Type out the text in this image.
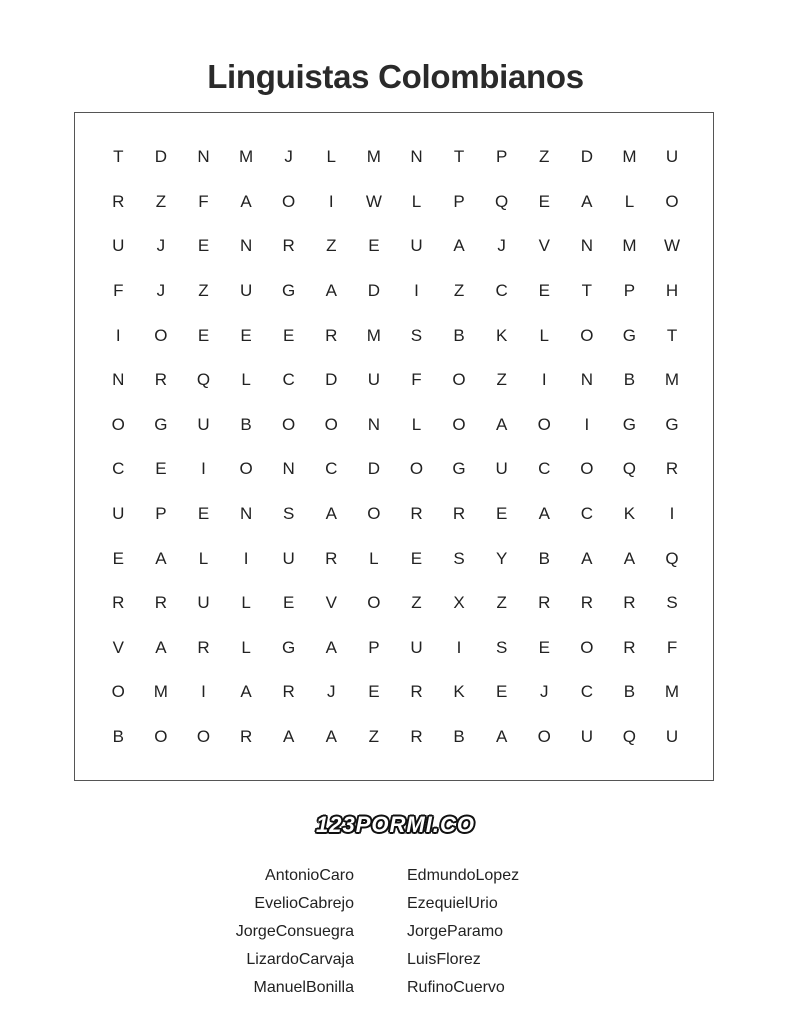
Linguistas Colombianos
T	D	N	M	J	L	M	N	T	P	Z	D	M	U
R	Z	F	A	O	I	W	L	P	Q	E	A	L	O
U	J	E	N	R	Z	E	U	A	J	V	N	M	W
F	J	Z	U	G	A	D	I	Z	C	E	T	P	H
I	O	E	E	E	R	M	S	B	K	L	O	G	T
N	R	Q	L	C	D	U	F	O	Z	I	N	B	M
O	G	U	B	O	O	N	L	O	A	O	I	G	G
C	E	I	O	N	C	D	O	G	U	C	O	Q	R
U	P	E	N	S	A	O	R	R	E	A	C	K	I
E	A	L	I	U	R	L	E	S	Y	B	A	A	Q
R	R	U	L	E	V	O	Z	X	Z	R	R	R	S
V	A	R	L	G	A	P	U	I	S	E	O	R	F
O	M	I	A	R	J	E	R	K	E	J	C	B	M
B	O	O	R	A	A	Z	R	B	A	O	U	Q	U
123PORMI.CO
AntonioCaro
EvelioCabrejo
JorgeConsuegra
LizardoCarvaja
ManuelBonilla
EdmundoLopez
EzequielUrio
JorgeParamo
LuisFlorez
RufinoCuervo
